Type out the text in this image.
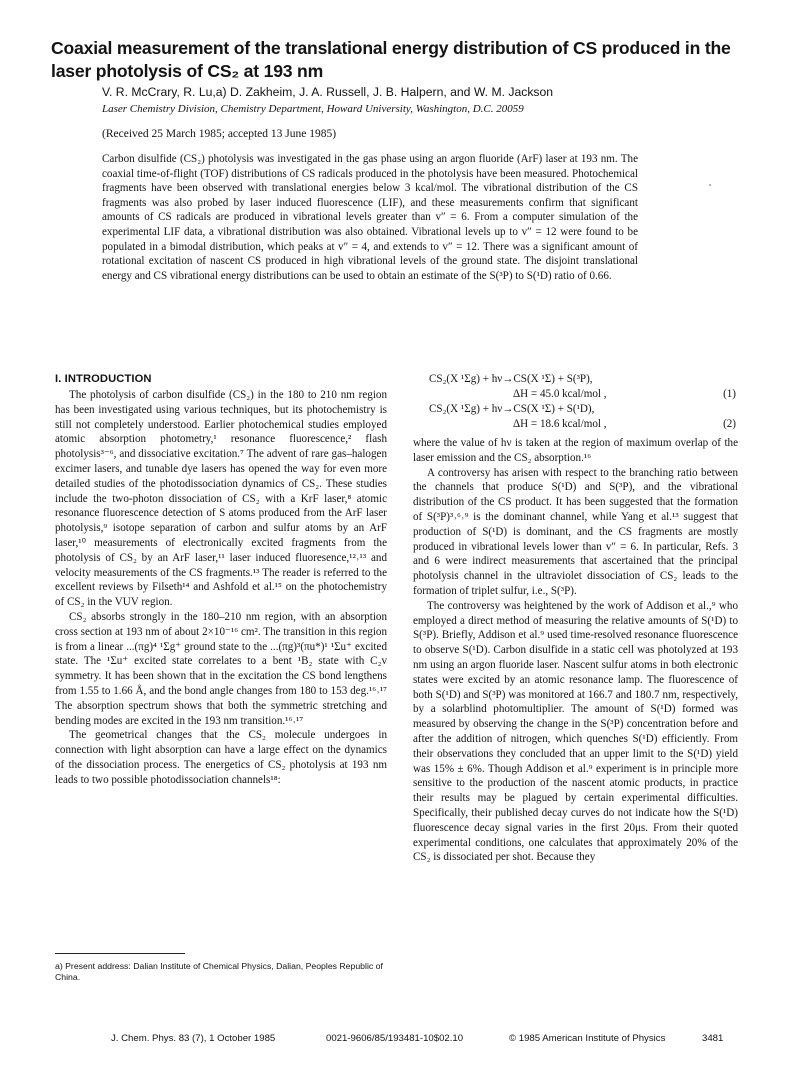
Coaxial measurement of the translational energy distribution of CS produced in the laser photolysis of CS₂ at 193 nm
V. R. McCrary, R. Lu,a) D. Zakheim, J. A. Russell, J. B. Halpern, and W. M. Jackson
Laser Chemistry Division, Chemistry Department, Howard University, Washington, D.C. 20059
(Received 25 March 1985; accepted 13 June 1985)

Carbon disulfide (CS₂) photolysis was investigated in the gas phase using an argon fluoride (ArF) laser at 193 nm. The coaxial time-of-flight (TOF) distributions of CS radicals produced in the photolysis have been measured. Photochemical fragments have been observed with translational energies below 3 kcal/mol. The vibrational distribution of the CS fragments was also probed by laser induced fluorescence (LIF), and these measurements confirm that significant amounts of CS radicals are produced in vibrational levels greater than v″ = 6. From a computer simulation of the experimental LIF data, a vibrational distribution was also obtained. Vibrational levels up to v″ = 12 were found to be populated in a bimodal distribution, which peaks at v″ = 4, and extends to v″ = 12. There was a significant amount of rotational excitation of nascent CS produced in high vibrational levels of the ground state. The disjoint translational energy and CS vibrational energy distributions can be used to obtain an estimate of the S(³P) to S(¹D) ratio of 0.66.

I. INTRODUCTION

The photolysis of carbon disulfide (CS₂) in the 180 to 210 nm region has been investigated using various techniques, but its photochemistry is still not completely understood. Earlier photochemical studies employed atomic absorption photometry,¹ resonance fluorescence,² flash photolysis³⁻⁶, and dissociative excitation.⁷ The advent of rare gas–halogen excimer lasers, and tunable dye lasers has opened the way for even more detailed studies of the photodissociation dynamics of CS₂. These studies include the two-photon dissociation of CS₂ with a KrF laser,⁸ atomic resonance fluorescence detection of S atoms produced from the ArF laser photolysis,⁹ isotope separation of carbon and sulfur atoms by an ArF laser,¹⁰ measurements of electronically excited fragments from the photolysis of CS₂ by an ArF laser,¹¹ laser induced fluoresence,¹²˒¹³ and velocity measurements of the CS fragments.¹³ The reader is referred to the excellent reviews by Filseth¹⁴ and Ashfold et al.¹⁵ on the photochemistry of CS₂ in the VUV region.

CS₂ absorbs strongly in the 180–210 nm region, with an absorption cross section at 193 nm of about 2×10⁻¹⁶ cm². The transition in this region is from a linear ...(πg)⁴ ¹Σg⁺ ground state to the ...(πg)³(πu*)¹ ¹Σu⁺ excited state. The ¹Σu⁺ excited state correlates to a bent ¹B₂ state with C₂v symmetry. It has been shown that in the excitation the CS bond lengthens from 1.55 to 1.66 Å, and the bond angle changes from 180 to 153 deg.¹⁶˒¹⁷ The absorption spectrum shows that both the symmetric stretching and bending modes are excited in the 193 nm transition.¹⁶˒¹⁷

The geometrical changes that the CS₂ molecule undergoes in connection with light absorption can have a large effect on the dynamics of the dissociation process. The energetics of CS₂ photolysis at 193 nm leads to two possible photodissociation channels¹⁸:

CS₂(X ¹Σg) + hν→CS(X ¹Σ) + S(³P),
ΔH = 45.0 kcal/mol ,	(1)
CS₂(X ¹Σg) + hν→CS(X ¹Σ) + S(¹D),
ΔH = 18.6 kcal/mol ,	(2)

where the value of hν is taken at the region of maximum overlap of the laser emission and the CS₂ absorption.¹⁶

A controversy has arisen with respect to the branching ratio between the channels that produce S(¹D) and S(³P), and the vibrational distribution of the CS product. It has been suggested that the formation of S(³P)³˒⁶˒⁹ is the dominant channel, while Yang et al.¹³ suggest that production of S(¹D) is dominant, and the CS fragments are mostly produced in vibrational levels lower than v″ = 6. In particular, Refs. 3 and 6 were indirect measurements that ascertained that the principal photolysis channel in the ultraviolet dissociation of CS₂ leads to the formation of triplet sulfur, i.e., S(³P).

The controversy was heightened by the work of Addison et al.,⁹ who employed a direct method of measuring the relative amounts of S(¹D) to S(³P). Briefly, Addison et al.⁹ used time-resolved resonance fluorescence to observe S(¹D). Carbon disulfide in a static cell was photolyzed at 193 nm using an argon fluoride laser. Nascent sulfur atoms in both electronic states were excited by an atomic resonance lamp. The fluorescence of both S(¹D) and S(³P) was monitored at 166.7 and 180.7 nm, respectively, by a solarblind photomultiplier. The amount of S(¹D) formed was measured by observing the change in the S(³P) concentration before and after the addition of nitrogen, which quenches S(¹D) efficiently. From their observations they concluded that an upper limit to the S(¹D) yield was 15% ± 6%. Though Addison et al.⁹ experiment is in principle more sensitive to the production of the nascent atomic products, in practice their results may be plagued by certain experimental difficulties. Specifically, their published decay curves do not indicate how the S(¹D) fluorescence decay signal varies in the first 20μs. From their quoted experimental conditions, one calculates that approximately 20% of the CS₂ is dissociated per shot. Because they

a) Present address: Dalian Institute of Chemical Physics, Dalian, Peoples Republic of China.
J. Chem. Phys. 83 (7), 1 October 1985	0021-9606/85/193481-10$02.10	© 1985 American Institute of Physics	3481
